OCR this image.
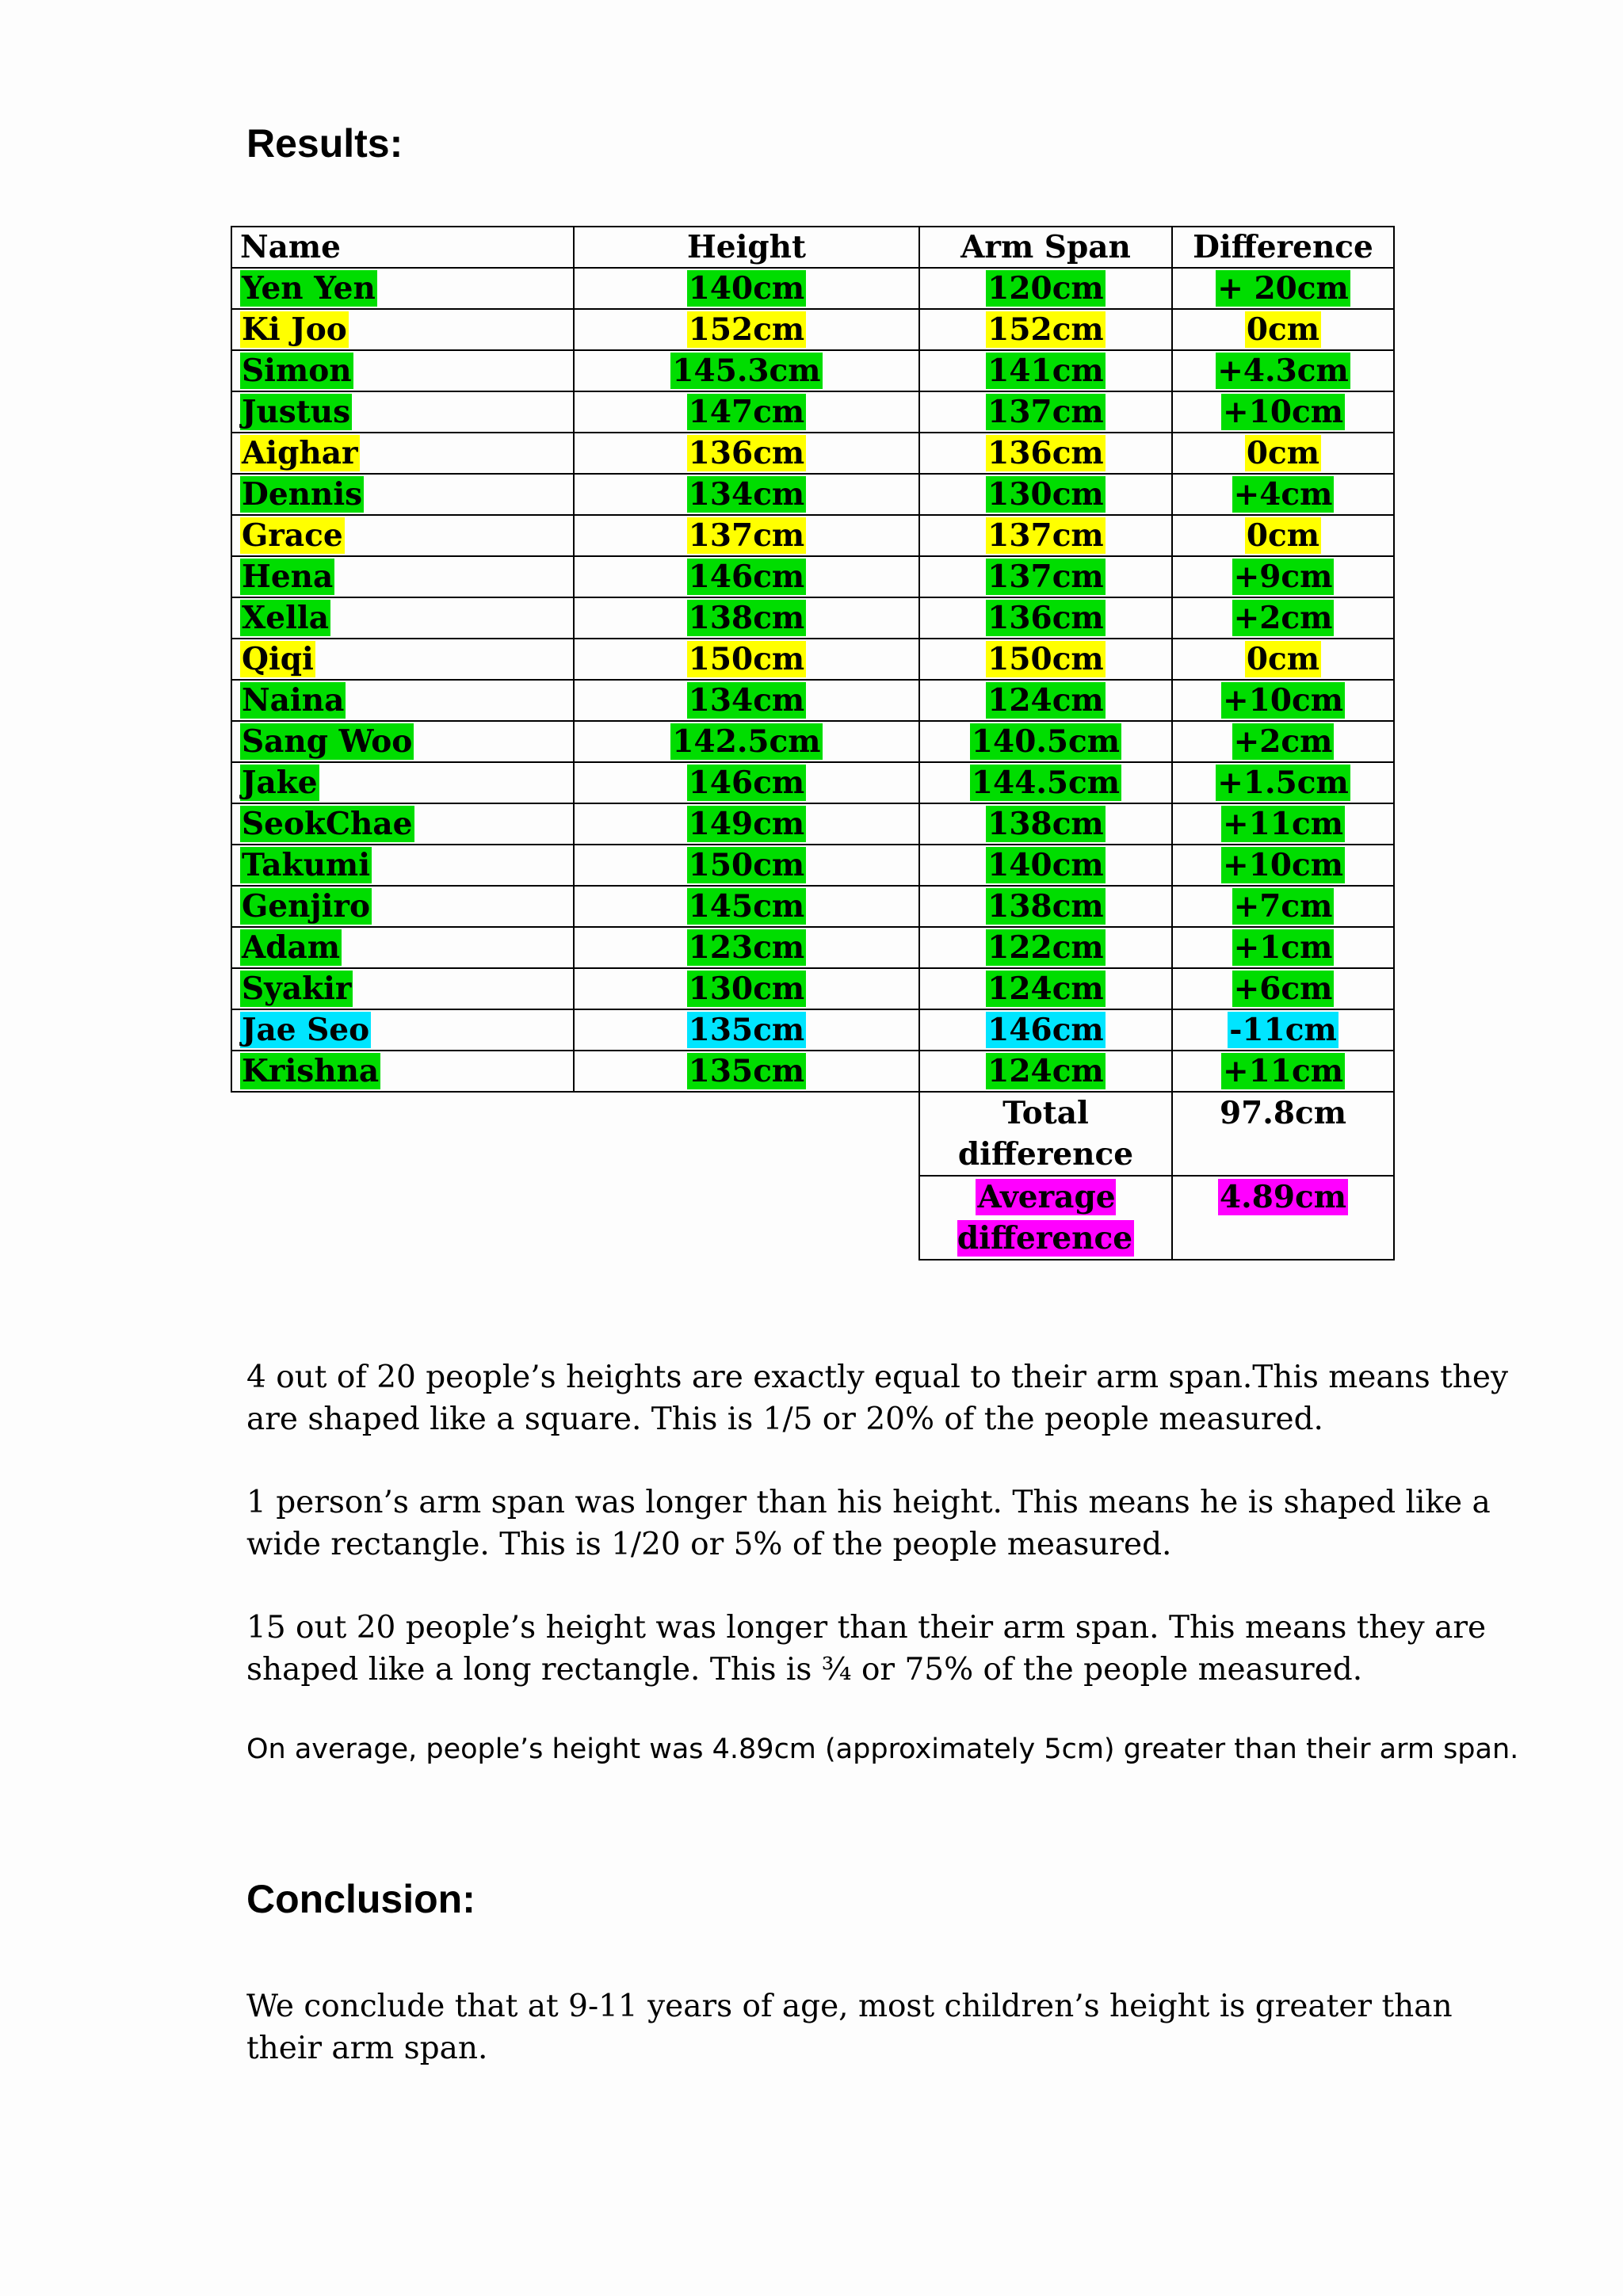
Results:
Name	Height	Arm Span	Difference
Yen Yen	140cm	120cm	+ 20cm
Ki Joo	152cm	152cm	0cm
Simon	145.3cm	141cm	+4.3cm
Justus	147cm	137cm	+10cm
Aighar	136cm	136cm	0cm
Dennis	134cm	130cm	+4cm
Grace	137cm	137cm	0cm
Hena	146cm	137cm	+9cm
Xella	138cm	136cm	+2cm
Qiqi	150cm	150cm	0cm
Naina	134cm	124cm	+10cm
Sang Woo	142.5cm	140.5cm	+2cm
Jake	146cm	144.5cm	+1.5cm
SeokChae	149cm	138cm	+11cm
Takumi	150cm	140cm	+10cm
Genjiro	145cm	138cm	+7cm
Adam	123cm	122cm	+1cm
Syakir	130cm	124cm	+6cm
Jae Seo	135cm	146cm	-11cm
Krishna	135cm	124cm	+11cm
		Total difference	97.8cm
		Average difference	4.89cm

4 out of 20 people’s heights are exactly equal to their arm span.This means they are shaped like a square. This is 1/5 or 20% of the people measured.

1 person’s arm span was longer than his height. This means he is shaped like a wide rectangle. This is 1/20 or 5% of the people measured.

15 out 20 people’s height was longer than their arm span. This means they are shaped like a long rectangle. This is ¾ or 75% of the people measured.

On average, people’s height was 4.89cm (approximately 5cm) greater than their arm span.

Conclusion:

We conclude that at 9-11 years of age, most children’s height is greater than their arm span.
